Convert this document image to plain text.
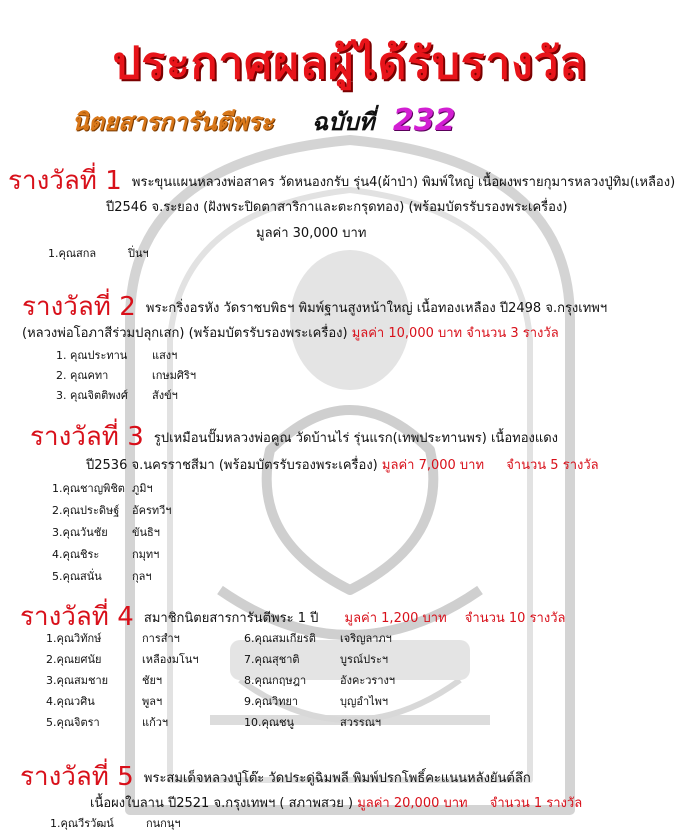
ประกาศผลผู้ได้รับรางวัล
นิตยสารการันตีพระ ฉบับที่ 232
รางวัลที่ 1 พระขุนแผนหลวงพ่อสาคร วัดหนองกรับ รุ่น4(ผ้าป่า) พิมพ์ใหญ่ เนื้อผงพรายกุมารหลวงปู่ทิม(เหลือง)
ปี2546 จ.ระยอง (ฝังพระปิดตาสาริกาและตะกรุดทอง) (พร้อมบัตรรับรองพระเครื่อง)
มูลค่า 30,000 บาท
1.คุณสกล	ปิ่นฯ
รางวัลที่ 2 พระกริ่งอรหัง วัดราชบพิธฯ พิมพ์ฐานสูงหน้าใหญ่ เนื้อทองเหลือง ปี2498 จ.กรุงเทพฯ
(หลวงพ่อโอภาสีร่วมปลุกเสก) (พร้อมบัตรรับรองพระเครื่อง) มูลค่า 10,000 บาท จำนวน 3 รางวัล
1. คุณประทาน แสงฯ
2. คุณคทา	เกษมศิริฯ
3. คุณจิตติพงศ์ สังข์ฯ
รางวัลที่ 3 รูปเหมือนปั๊มหลวงพ่อคูณ วัดบ้านไร่ รุ่นแรก(เทพประทานพร) เนื้อทองแดง
ปี2536 จ.นครราชสีมา (พร้อมบัตรรับรองพระเครื่อง) มูลค่า 7,000 บาท จำนวน 5 รางวัล
1.คุณชาญพิชิต ภูมิฯ
2.คุณประดิษฐ์ อัครทวีฯ
3.คุณวันชัย ขันธิฯ
4.คุณชิระ	กมุทฯ
5.คุณสนั่น	กุลฯ
รางวัลที่ 4 สมาชิกนิตยสารการันตีพระ 1 ปี มูลค่า 1,200 บาท จำนวน 10 รางวัล
1.คุณวิทักษ์	การสำฯ
2.คุณยศนัย	เหลืองมโนฯ
3.คุณสมชาย	ชัยฯ
4.คุณวศิน	พูลฯ
5.คุณจิตรา	แก้วฯ
6.คุณสมเกียรติ เจริญลาภฯ
7.คุณสุชาติ	บูรณ์ประฯ
8.คุณกฤษฎา	อังคะวรางฯ
9.คุณวิทยา	บุญอำไพฯ
10.คุณชนู	สวรรณฯ
รางวัลที่ 5 พระสมเด็จหลวงปู่โต๊ะ วัดประดู่ฉิมพลี พิมพ์ปรกโพธิ์คะแนนหลังยันต์ลึก
เนื้อผงใบลาน ปี2521 จ.กรุงเทพฯ ( สภาพสวย ) มูลค่า 20,000 บาท จำนวน 1 รางวัล
1.คุณวีรวัฒน์	กนกนุฯ
